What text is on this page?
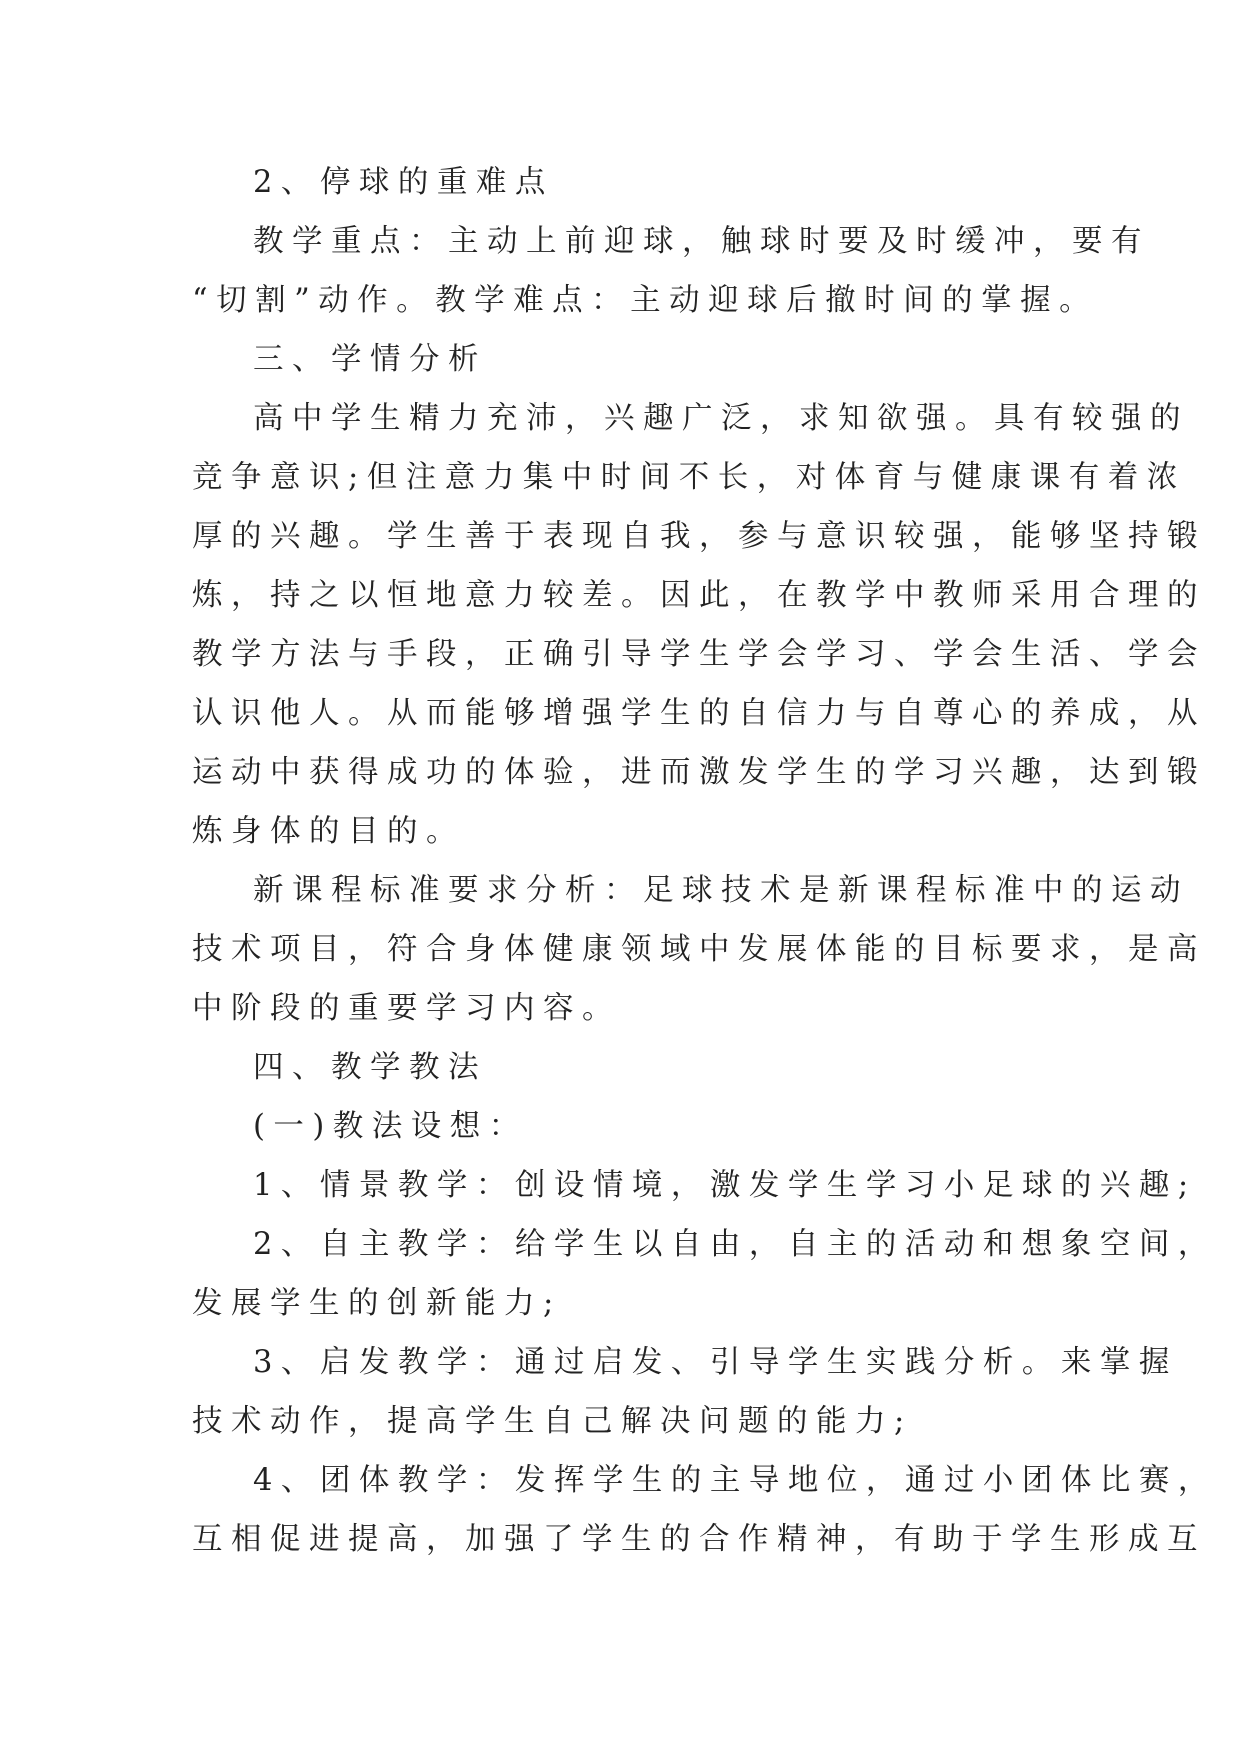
2、停球的重难点

教学重点：主动上前迎球，触球时要及时缓冲，要有

“切割”动作。教学难点：主动迎球后撤时间的掌握。

三、学情分析

高中学生精力充沛，兴趣广泛，求知欲强。具有较强的

竞争意识;但注意力集中时间不长，对体育与健康课有着浓

厚的兴趣。学生善于表现自我，参与意识较强，能够坚持锻

炼，持之以恒地意力较差。因此，在教学中教师采用合理的

教学方法与手段，正确引导学生学会学习、学会生活、学会

认识他人。从而能够增强学生的自信力与自尊心的养成，从

运动中获得成功的体验，进而激发学生的学习兴趣，达到锻

炼身体的目的。

新课程标准要求分析：足球技术是新课程标准中的运动

技术项目，符合身体健康领域中发展体能的目标要求，是高

中阶段的重要学习内容。

四、教学教法

(一)教法设想：

1、情景教学：创设情境，激发学生学习小足球的兴趣;

2、自主教学：给学生以自由，自主的活动和想象空间，

发展学生的创新能力;

3、启发教学：通过启发、引导学生实践分析。来掌握

技术动作，提高学生自己解决问题的能力;

4、团体教学：发挥学生的主导地位，通过小团体比赛，

互相促进提高，加强了学生的合作精神，有助于学生形成互
